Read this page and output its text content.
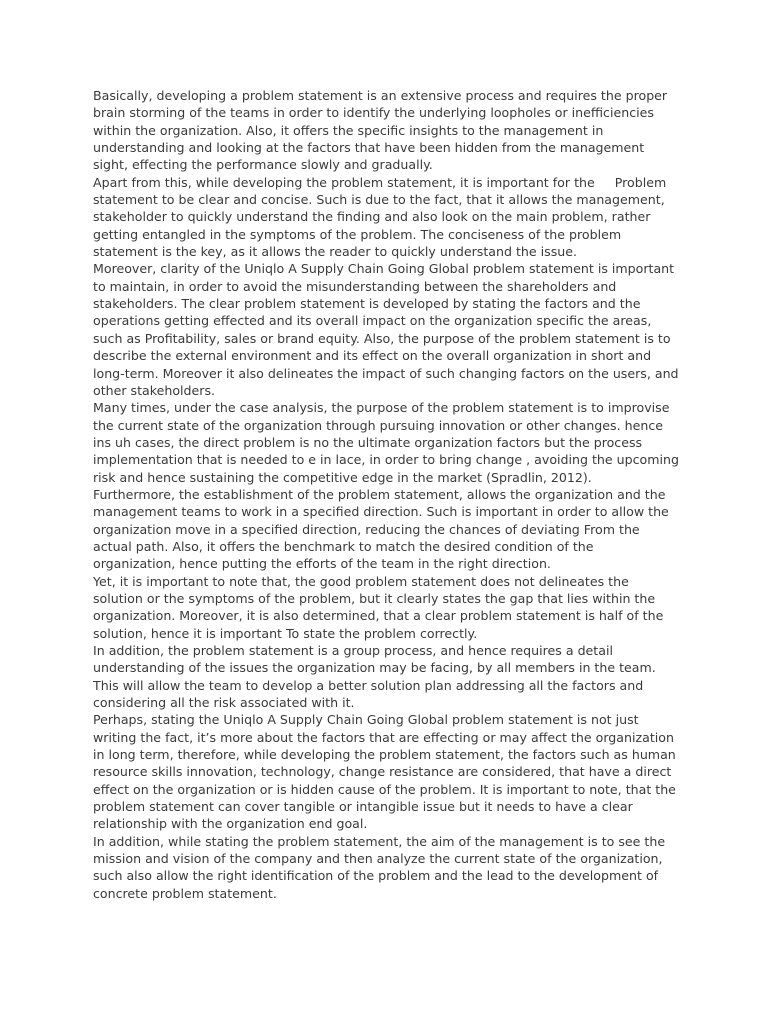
Basically, developing a problem statement is an extensive process and requires the proper
brain storming of the teams in order to identify the underlying loopholes or inefficiencies
within the organization. Also, it offers the specific insights to the management in
understanding and looking at the factors that have been hidden from the management
sight, effecting the performance slowly and gradually.
Apart from this, while developing the problem statement, it is important for the     Problem
statement to be clear and concise. Such is due to the fact, that it allows the management,
stakeholder to quickly understand the finding and also look on the main problem, rather
getting entangled in the symptoms of the problem. The conciseness of the problem
statement is the key, as it allows the reader to quickly understand the issue.
Moreover, clarity of the Uniqlo A Supply Chain Going Global problem statement is important
to maintain, in order to avoid the misunderstanding between the shareholders and
stakeholders. The clear problem statement is developed by stating the factors and the
operations getting effected and its overall impact on the organization specific the areas,
such as Profitability, sales or brand equity. Also, the purpose of the problem statement is to
describe the external environment and its effect on the overall organization in short and
long-term. Moreover it also delineates the impact of such changing factors on the users, and
other stakeholders.
Many times, under the case analysis, the purpose of the problem statement is to improvise
the current state of the organization through pursuing innovation or other changes. hence
ins uh cases, the direct problem is no the ultimate organization factors but the process
implementation that is needed to e in lace, in order to bring change , avoiding the upcoming
risk and hence sustaining the competitive edge in the market (Spradlin, 2012).
Furthermore, the establishment of the problem statement, allows the organization and the
management teams to work in a specified direction. Such is important in order to allow the
organization move in a specified direction, reducing the chances of deviating From the
actual path. Also, it offers the benchmark to match the desired condition of the
organization, hence putting the efforts of the team in the right direction.
Yet, it is important to note that, the good problem statement does not delineates the
solution or the symptoms of the problem, but it clearly states the gap that lies within the
organization. Moreover, it is also determined, that a clear problem statement is half of the
solution, hence it is important To state the problem correctly.
In addition, the problem statement is a group process, and hence requires a detail
understanding of the issues the organization may be facing, by all members in the team.
This will allow the team to develop a better solution plan addressing all the factors and
considering all the risk associated with it.
Perhaps, stating the Uniqlo A Supply Chain Going Global problem statement is not just
writing the fact, it’s more about the factors that are effecting or may affect the organization
in long term, therefore, while developing the problem statement, the factors such as human
resource skills innovation, technology, change resistance are considered, that have a direct
effect on the organization or is hidden cause of the problem. It is important to note, that the
problem statement can cover tangible or intangible issue but it needs to have a clear
relationship with the organization end goal.
In addition, while stating the problem statement, the aim of the management is to see the
mission and vision of the company and then analyze the current state of the organization,
such also allow the right identification of the problem and the lead to the development of
concrete problem statement.
